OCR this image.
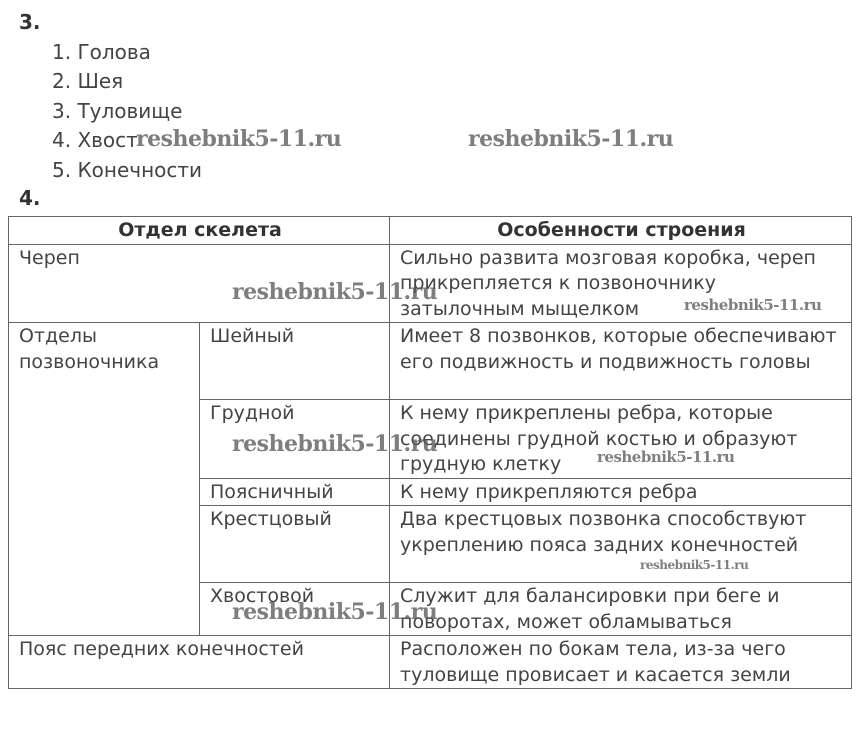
3.
1. Голова
2. Шея
3. Туловище
4. Хвост
5. Конечности
4.
Отдел скелета		Особенности строения
Череп		Сильно развита мозговая коробка, череп прикрепляется к позвоночнику затылочным мыщелком
Отделы позвоночника	Шейный	Имеет 8 позвонков, которые обеспечивают его подвижность и подвижность головы
	Грудной	К нему прикреплены ребра, которые соединены грудной костью и образуют грудную клетку
	Поясничный	К нему прикрепляются ребра
	Крестцовый	Два крестцовых позвонка способствуют укреплению пояса задних конечностей
	Хвостовой	Служит для балансировки при беге и поворотах, может обламываться
Пояс передних конечностей		Расположен по бокам тела, из-за чего туловище провисает и касается земли
reshebnik5-11.ru	reshebnik5-11.ru
reshebnik5-11.ru	reshebnik5-11.ru
reshebnik5-11.ru	reshebnik5-11.ru
reshebnik5-11.ru
reshebnik5-11.ru
